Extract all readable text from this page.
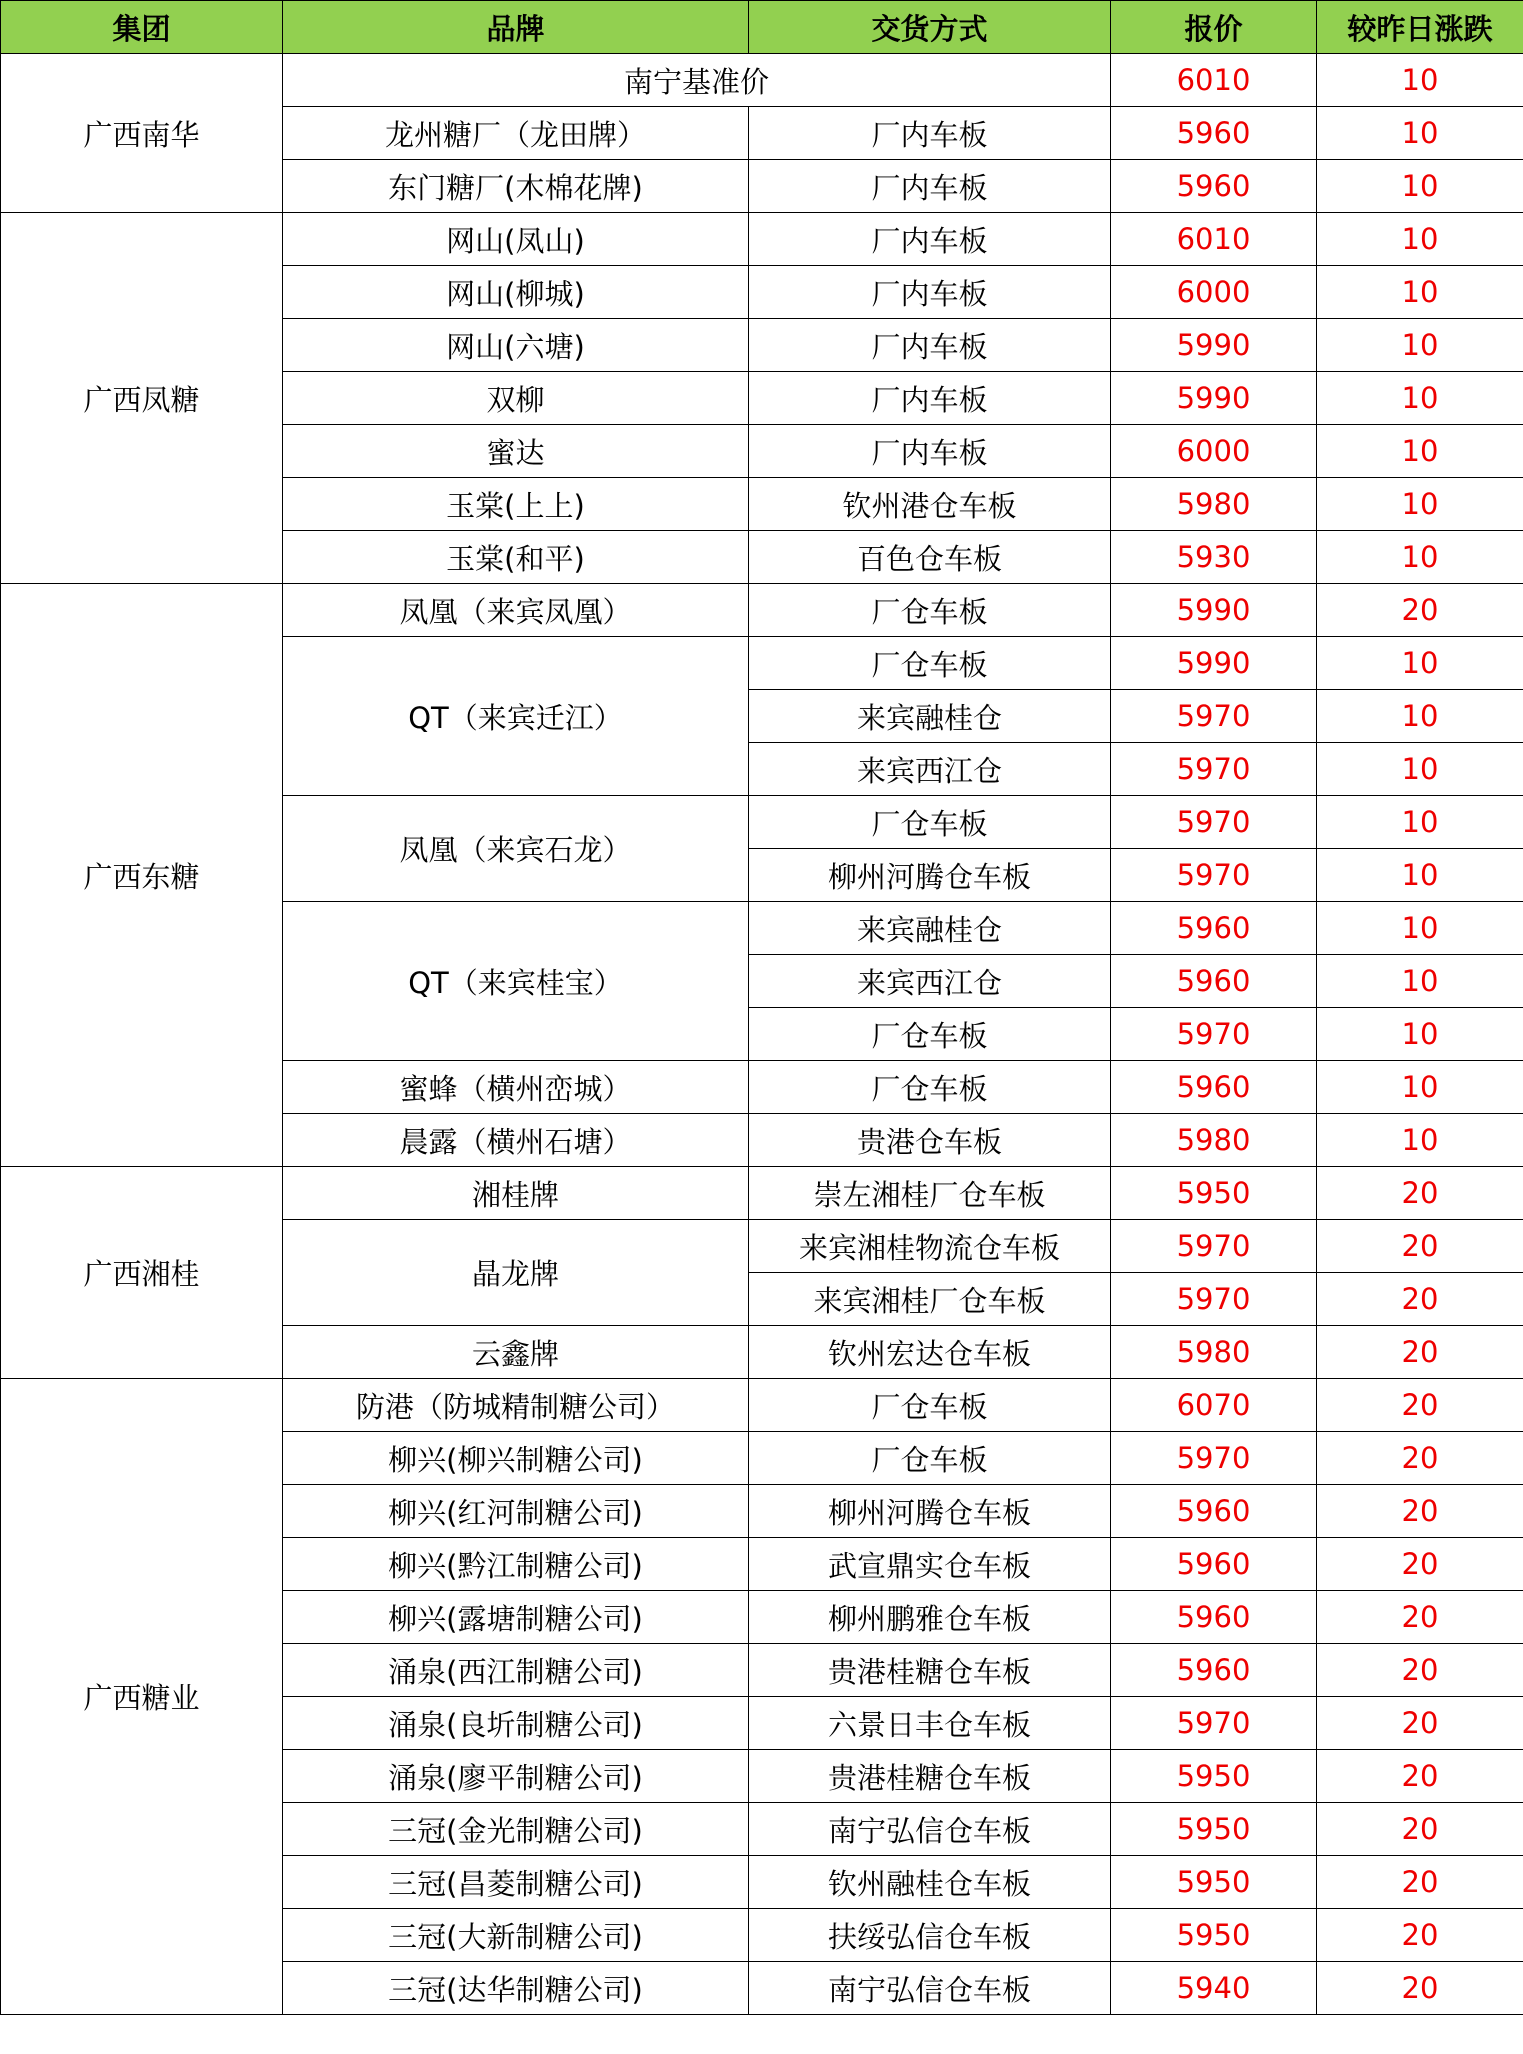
集团	品牌	交货方式	报价	较昨日涨跌
广西南华	南宁基准价		6010	10
	龙州糖厂（龙田牌）	厂内车板	5960	10
	东门糖厂(木棉花牌)	厂内车板	5960	10
广西凤糖	网山(凤山)	厂内车板	6010	10
	网山(柳城)	厂内车板	6000	10
	网山(六塘)	厂内车板	5990	10
	双柳	厂内车板	5990	10
	蜜达	厂内车板	6000	10
	玉棠(上上)	钦州港仓车板	5980	10
	玉棠(和平)	百色仓车板	5930	10
广西东糖	凤凰（来宾凤凰）	厂仓车板	5990	20
	QT（来宾迁江）	厂仓车板	5990	10
		来宾融桂仓	5970	10
		来宾西江仓	5970	10
	凤凰（来宾石龙）	厂仓车板	5970	10
		柳州河腾仓车板	5970	10
	QT（来宾桂宝）	来宾融桂仓	5960	10
		来宾西江仓	5960	10
		厂仓车板	5970	10
	蜜蜂（横州峦城）	厂仓车板	5960	10
	晨露（横州石塘）	贵港仓车板	5980	10
广西湘桂	湘桂牌	崇左湘桂厂仓车板	5950	20
	晶龙牌	来宾湘桂物流仓车板	5970	20
		来宾湘桂厂仓车板	5970	20
	云鑫牌	钦州宏达仓车板	5980	20
广西糖业	防港（防城精制糖公司）	厂仓车板	6070	20
	柳兴(柳兴制糖公司)	厂仓车板	5970	20
	柳兴(红河制糖公司)	柳州河腾仓车板	5960	20
	柳兴(黔江制糖公司)	武宣鼎实仓车板	5960	20
	柳兴(露塘制糖公司)	柳州鹏雅仓车板	5960	20
	涌泉(西江制糖公司)	贵港桂糖仓车板	5960	20
	涌泉(良圻制糖公司)	六景日丰仓车板	5970	20
	涌泉(廖平制糖公司)	贵港桂糖仓车板	5950	20
	三冠(金光制糖公司)	南宁弘信仓车板	5950	20
	三冠(昌菱制糖公司)	钦州融桂仓车板	5950	20
	三冠(大新制糖公司)	扶绥弘信仓车板	5950	20
	三冠(达华制糖公司)	南宁弘信仓车板	5940	20
